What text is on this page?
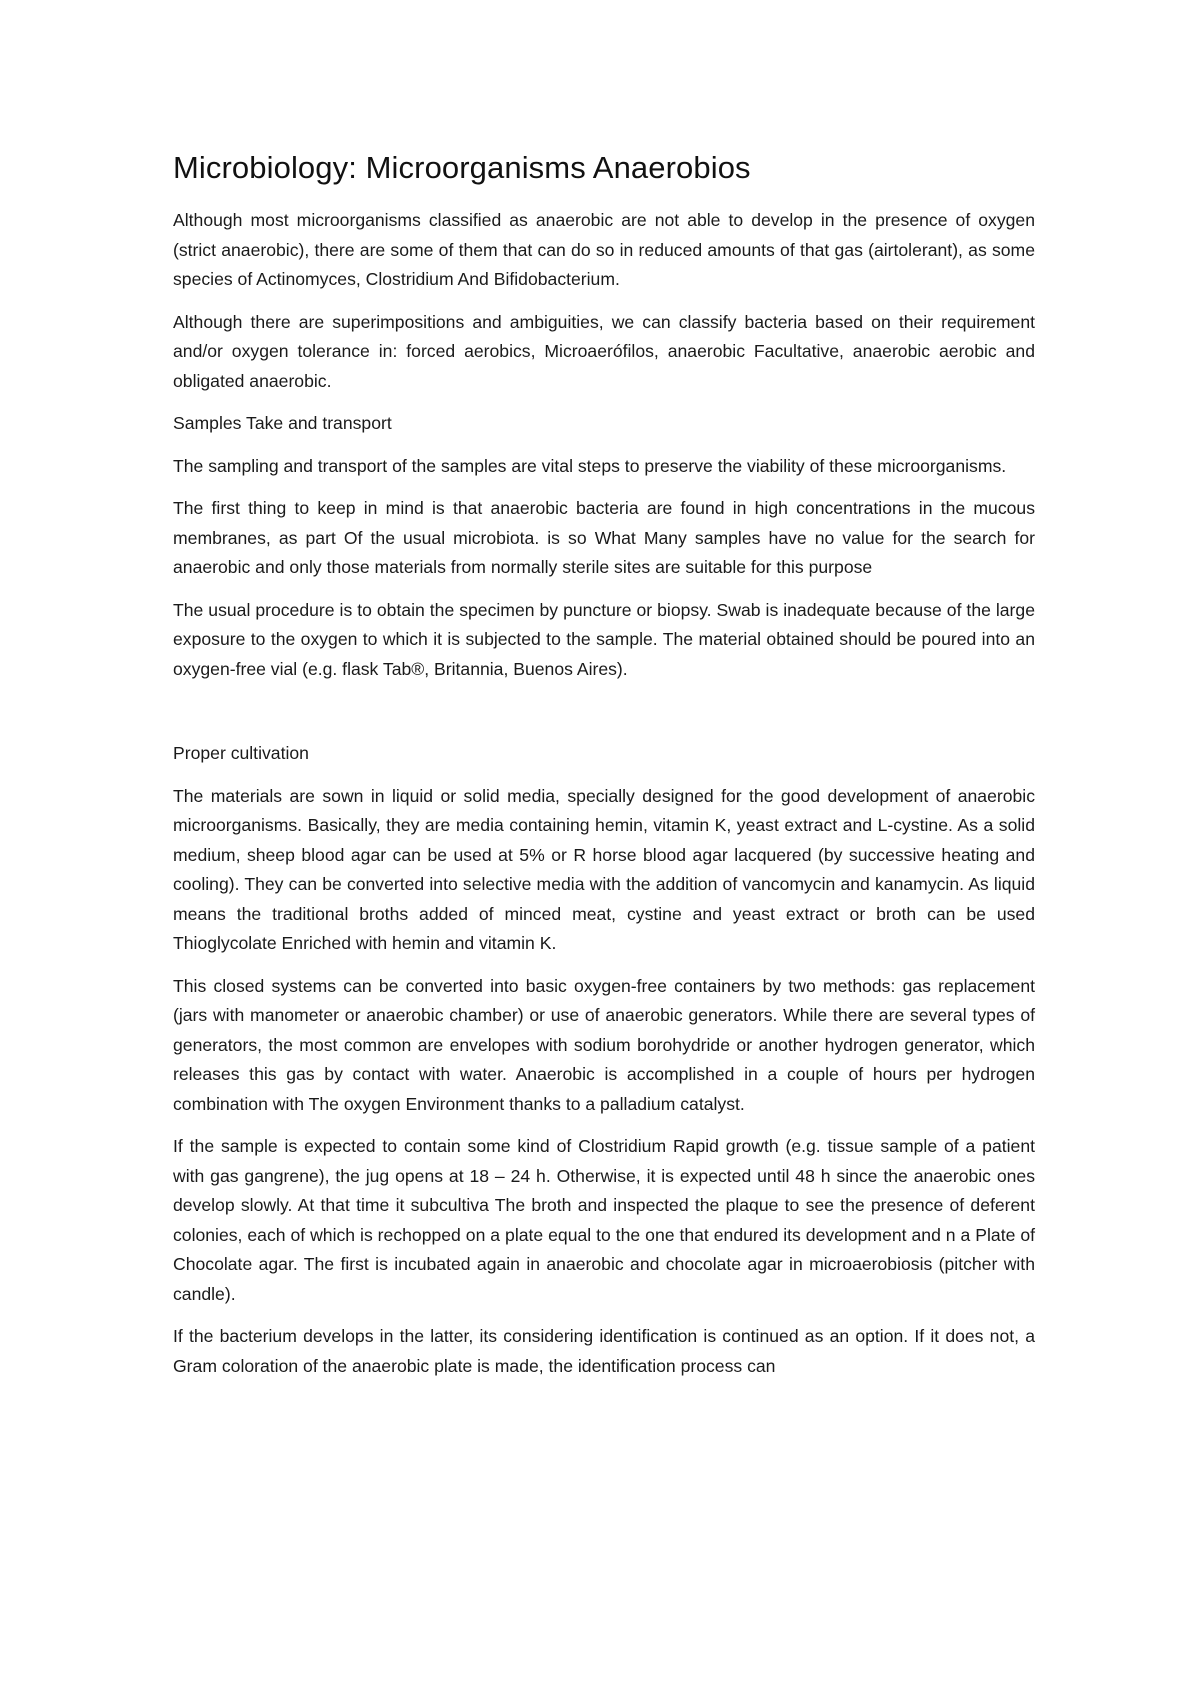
Microbiology: Microorganisms Anaerobios

Although most microorganisms classified as anaerobic are not able to develop in the presence of oxygen (strict anaerobic), there are some of them that can do so in reduced amounts of that gas (airtolerant), as some species of Actinomyces, Clostridium And Bifidobacterium.

Although there are superimpositions and ambiguities, we can classify bacteria based on their requirement and/or oxygen tolerance in: forced aerobics, Microaerófilos, anaerobic Facultative, anaerobic aerobic and obligated anaerobic.

Samples Take and transport

The sampling and transport of the samples are vital steps to preserve the viability of these microorganisms.

The first thing to keep in mind is that anaerobic bacteria are found in high concentrations in the mucous membranes, as part Of the usual microbiota. is so What Many samples have no value for the search for anaerobic and only those materials from normally sterile sites are suitable for this purpose

The usual procedure is to obtain the specimen by puncture or biopsy. Swab is inadequate because of the large exposure to the oxygen to which it is subjected to the sample. The material obtained should be poured into an oxygen-free vial (e.g. flask Tab®, Britannia, Buenos Aires).

Proper cultivation

The materials are sown in liquid or solid media, specially designed for the good development of anaerobic microorganisms. Basically, they are media containing hemin, vitamin K, yeast extract and L-cystine. As a solid medium, sheep blood agar can be used at 5% or R horse blood agar lacquered (by successive heating and cooling). They can be converted into selective media with the addition of vancomycin and kanamycin. As liquid means the traditional broths added of minced meat, cystine and yeast extract or broth can be used Thioglycolate Enriched with hemin and vitamin K.

This closed systems can be converted into basic oxygen-free containers by two methods: gas replacement (jars with manometer or anaerobic chamber) or use of anaerobic generators. While there are several types of generators, the most common are envelopes with sodium borohydride or another hydrogen generator, which releases this gas by contact with water. Anaerobic is accomplished in a couple of hours per hydrogen combination with The oxygen Environment thanks to a palladium catalyst.

If the sample is expected to contain some kind of Clostridium Rapid growth (e.g. tissue sample of a patient with gas gangrene), the jug opens at 18 – 24 h. Otherwise, it is expected until 48 h since the anaerobic ones develop slowly. At that time it subcultiva The broth and inspected the plaque to see the presence of deferent colonies, each of which is rechopped on a plate equal to the one that endured its development and n a Plate of Chocolate agar. The first is incubated again in anaerobic and chocolate agar in microaerobiosis (pitcher with candle).

If the bacterium develops in the latter, its considering identification is continued as an option. If it does not, a Gram coloration of the anaerobic plate is made, the identification process can
